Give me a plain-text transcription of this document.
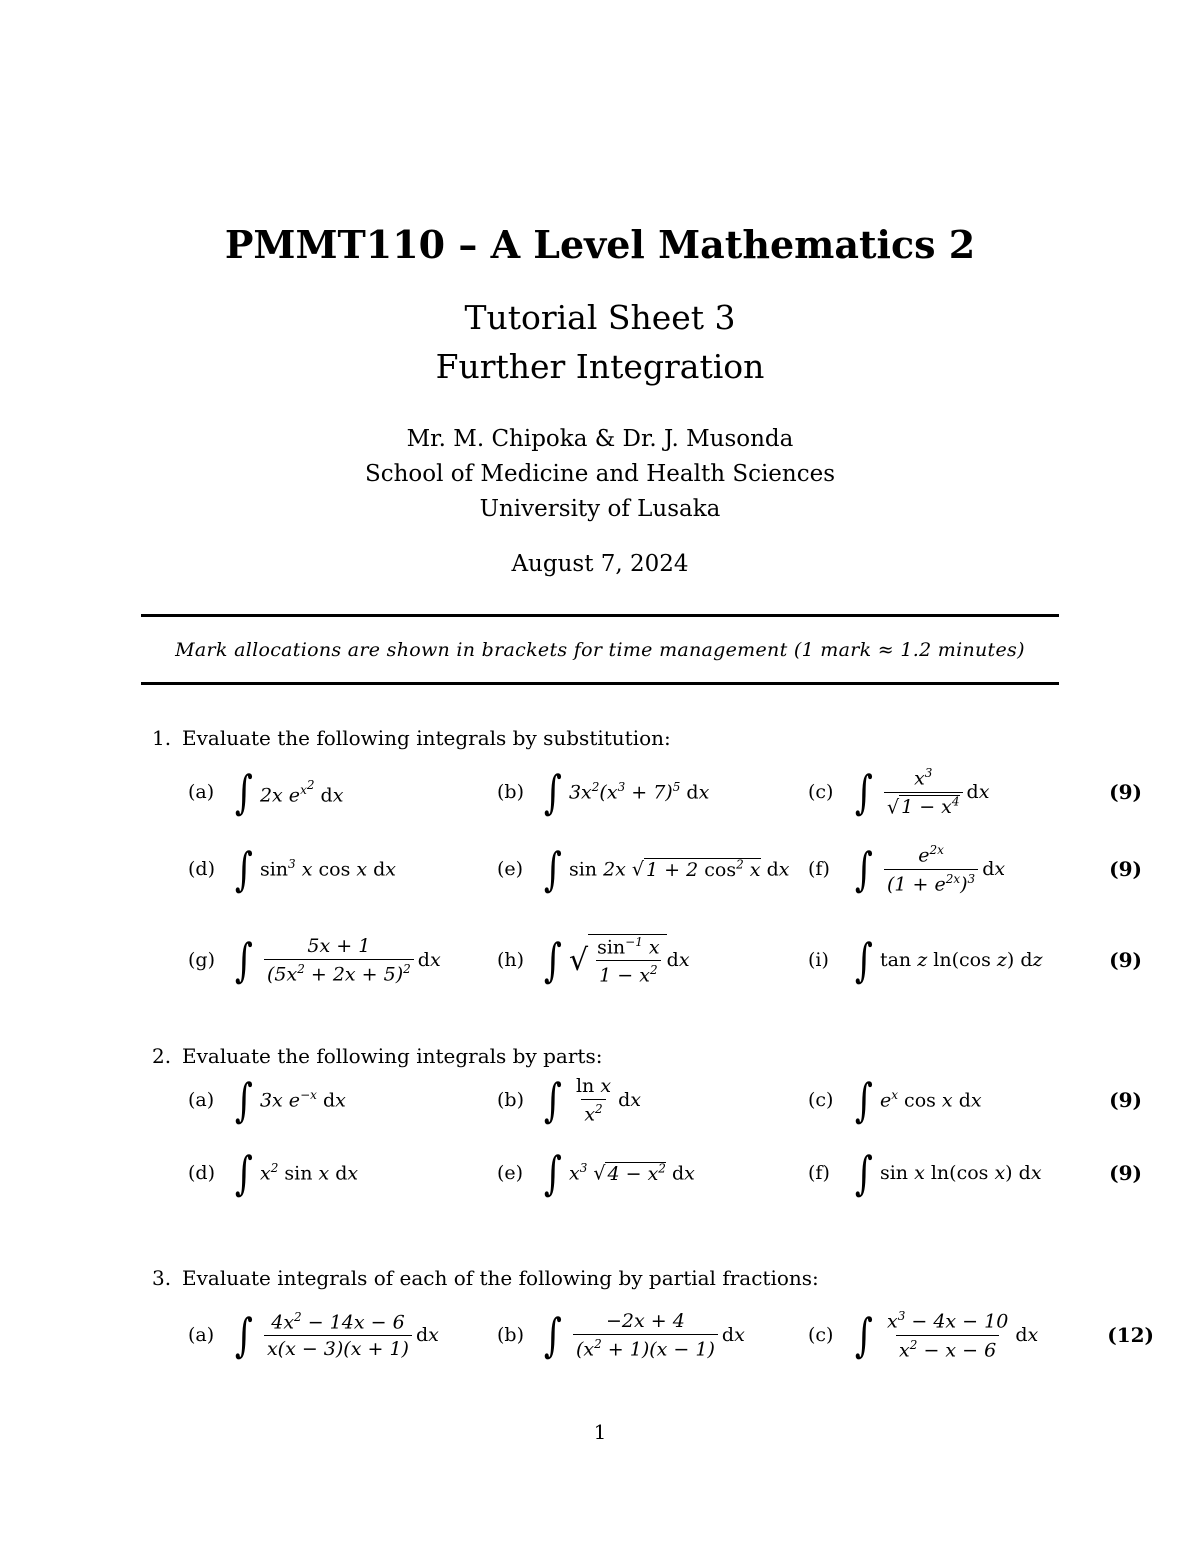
PMMT110 – A Level Mathematics 2
Tutorial Sheet 3
Further Integration
Mr. M. Chipoka & Dr. J. Musonda
School of Medicine and Health Sciences
University of Lusaka
August 7, 2024
Mark allocations are shown in brackets for time management (1 mark ≈ 1.2 minutes)
1. Evaluate the following integrals by substitution:
(a) ∫ 2x $e^{x^2}$ dx	(b) ∫ $3x^2(x^3 + 7)^5$ dx	(c) ∫ $\frac{x^3}{√ 1 - x^4}$ dx	(9)
(d) ∫ $\sin^3 x$ cos x dx	(e) ∫ sin 2x √ 1 + 2 $\cos^2 x$ dx (f) ∫ $\frac{e^{2x}}{(1 + e^{2x})^3}$ dx	(9)
(g) ∫ $\frac{5x + 1}{(5x^2 + 2x + 5)^2}$ dx	(h) ∫ √ $\frac{\sin^{-1} x}{1 - x^2}$ dx	(i) ∫ tan z ln(cos z) dz	(9)
2. Evaluate the following integrals by parts:
(a) ∫ 3x $e^{-x}$ dx	(b) ∫ $\frac{\text{ln x}}{x^2}$ dx	(c) ∫ $e^x$ cos x dx	(9)
(d) ∫ $x^2$ sin x dx	(e) ∫ $x^3$ √ $4 - x^2$ dx	(f) ∫ sin x ln(cos x) dx	(9)
3. Evaluate integrals of each of the following by partial fractions:
(a) ∫ $\frac{4x^2 - 14x - 6}{x(x - 3)(x + 1)}$ dx	(b) ∫ $\frac{-2x + 4}{(x^2 + 1)(x - 1)}$ dx	(c) ∫ $\frac{x^3 - 4x - 10}{x^2 - x - 6}$ dx	(12)
1
